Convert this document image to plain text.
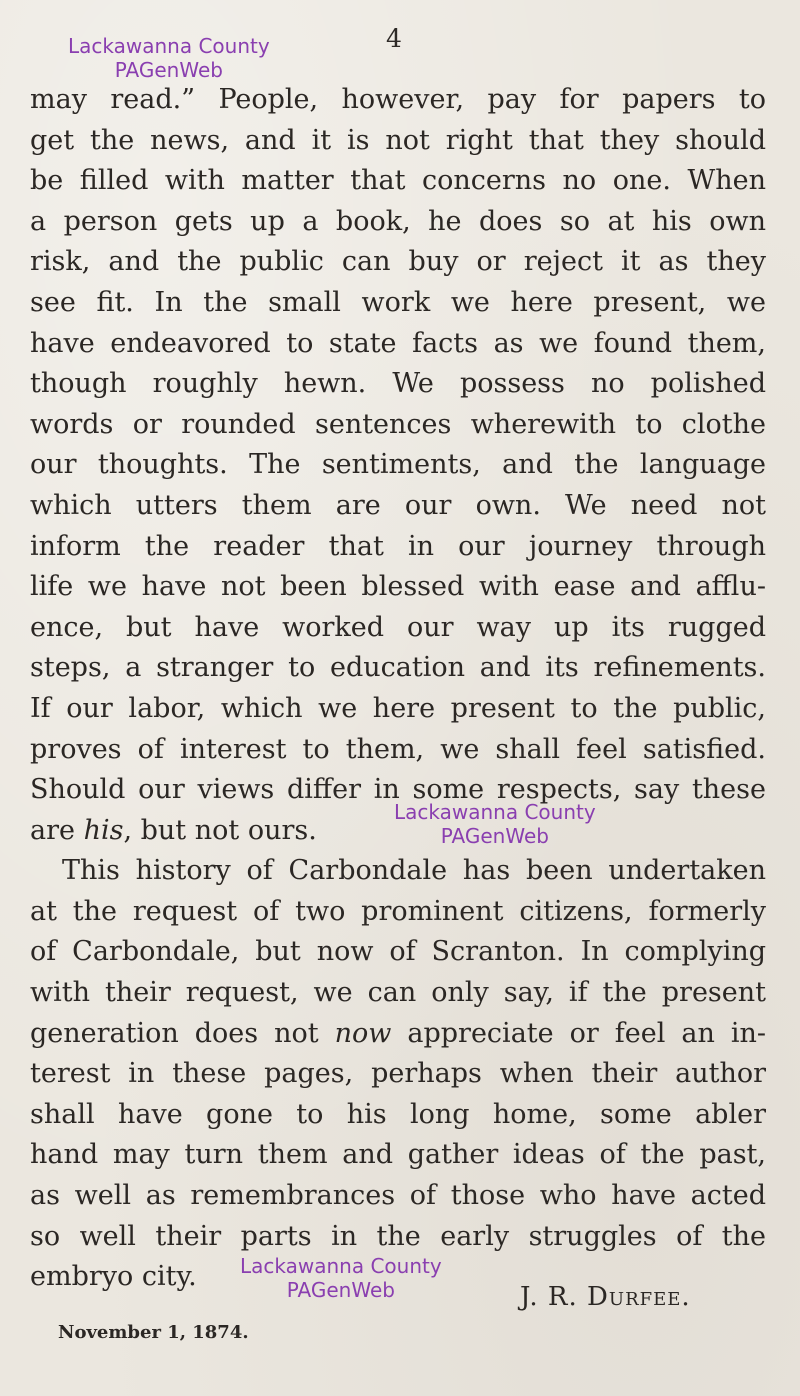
4
Lackawanna County
PAGenWeb
may read.” People, however, pay for papers to
get the news, and it is not right that they should
be filled with matter that concerns no one. When
a person gets up a book, he does so at his own
risk, and the public can buy or reject it as they
see fit. In the small work we here present, we
have endeavored to state facts as we found them,
though roughly hewn. We possess no polished
words or rounded sentences wherewith to clothe
our thoughts. The sentiments, and the language
which utters them are our own. We need not
inform the reader that in our journey through
life we have not been blessed with ease and afflu-
ence, but have worked our way up its rugged
steps, a stranger to education and its refinements.
If our labor, which we here present to the public,
proves of interest to them, we shall feel satisfied.
Should our views differ in some respects, say these
are his, but not ours.
This history of Carbondale has been undertaken
at the request of two prominent citizens, formerly
of Carbondale, but now of Scranton. In complying
with their request, we can only say, if the present
generation does not now appreciate or feel an in-
terest in these pages, perhaps when their author
shall have gone to his long home, some abler
hand may turn them and gather ideas of the past,
as well as remembrances of those who have acted
so well their parts in the early struggles of the
embryo city.
Lackawanna County
PAGenWeb
Lackawanna County
PAGenWeb	J. R. Durfee.
November 1, 1874.
